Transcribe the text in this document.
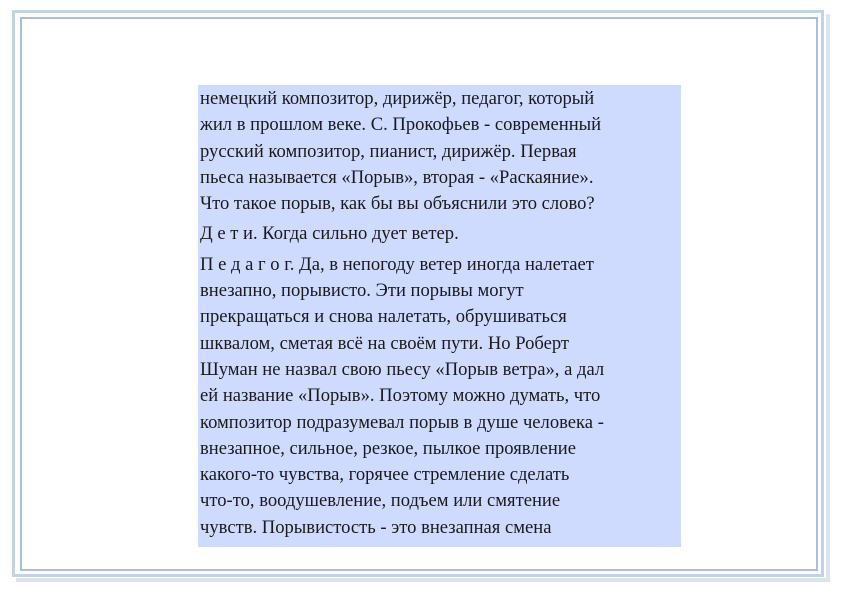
немецкий композитор, дирижёр, педагог, который

жил в прошлом веке. С. Прокофьев - современный

русский композитор, пианист, дирижёр. Первая

пьеса называется «Порыв», вторая - «Раскаяние».

Что такое порыв, как бы вы объяснили это слово?

Д е т и. Когда сильно дует ветер.

П е д а г о г. Да, в непогоду ветер иногда налетает

внезапно, порывисто. Эти порывы могут

прекращаться и снова налетать, обрушиваться

шквалом, сметая всё на своём пути. Но Роберт

Шуман не назвал свою пьесу «Порыв ветра», а дал

ей название «Порыв». Поэтому можно думать, что

композитор подразумевал порыв в душе человека -

внезапное, сильное, резкое, пылкое проявление

какого-то чувства, горячее стремление сделать

что-то, воодушевление, подъем или смятение

чувств. Порывистость - это внезапная смена
